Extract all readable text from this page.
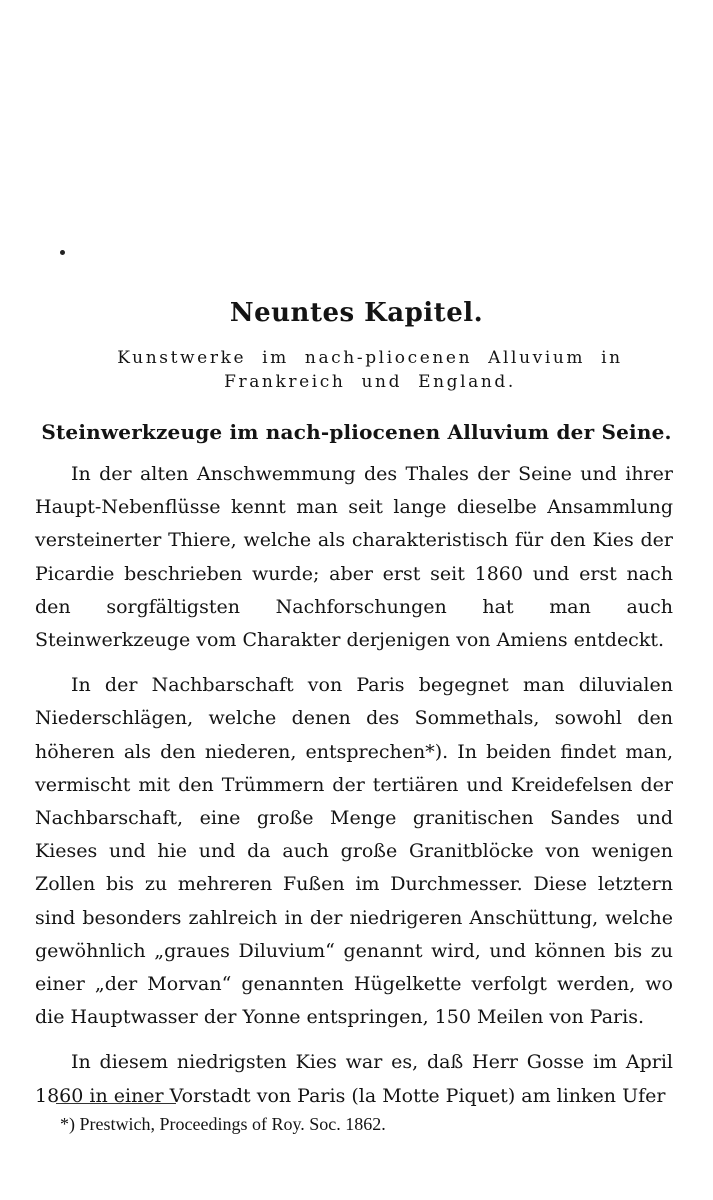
Neuntes Kapitel.
Kunstwerke im nach-pliocenen Alluvium in Frankreich und England.
Steinwerkzeuge im nach-pliocenen Alluvium der Seine.

In der alten Anschwemmung des Thales der Seine und ihrer Haupt-Nebenflüsse kennt man seit lange dieselbe Ansammlung versteinerter Thiere, welche als charakteristisch für den Kies der Picardie beschrieben wurde; aber erst seit 1860 und erst nach den sorgfältigsten Nachforschungen hat man auch Steinwerkzeuge vom Charakter derjenigen von Amiens entdeckt.

In der Nachbarschaft von Paris begegnet man diluvialen Niederschlägen, welche denen des Sommethals, sowohl den höheren als den niederen, entsprechen*). In beiden findet man, vermischt mit den Trümmern der tertiären und Kreidefelsen der Nachbarschaft, eine große Menge granitischen Sandes und Kieses und hie und da auch große Granitblöcke von wenigen Zollen bis zu mehreren Fußen im Durchmesser. Diese letztern sind besonders zahlreich in der niedrigeren Anschüttung, welche gewöhnlich „graues Diluvium“ genannt wird, und können bis zu einer „der Morvan“ genannten Hügelkette verfolgt werden, wo die Hauptwasser der Yonne entspringen, 150 Meilen von Paris.

In diesem niedrigsten Kies war es, daß Herr Gosse im April 1860 in einer Vorstadt von Paris (la Motte Piquet) am linken Ufer

*) Prestwich, Proceedings of Roy. Soc. 1862.
